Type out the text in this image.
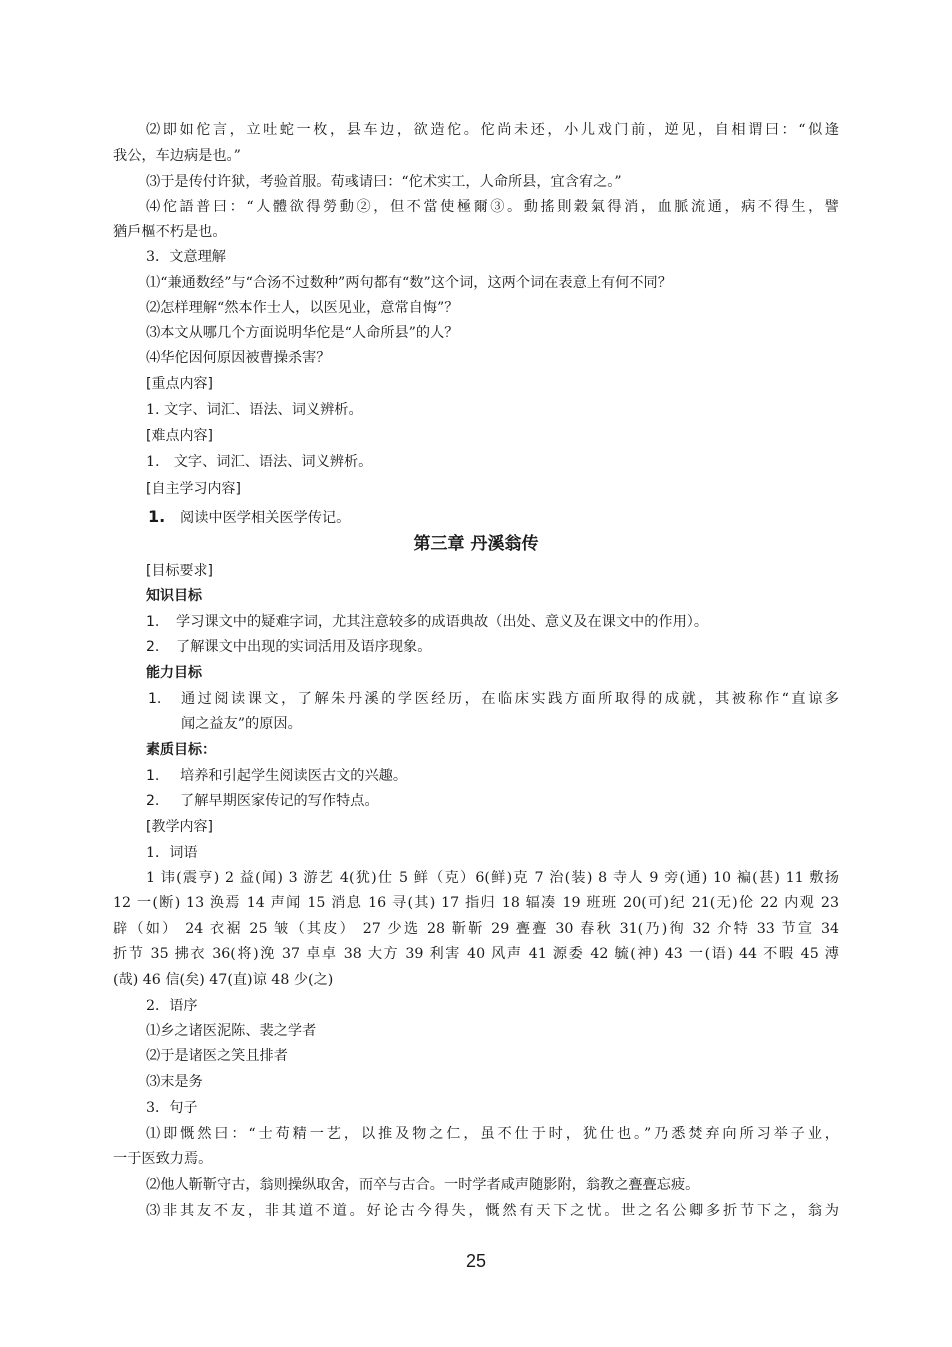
⑵即如佗言，立吐蛇一枚，县车边，欲造佗。佗尚未还，小儿戏门前，逆见，自相谓曰：“似逢
我公，车边病是也。”
⑶于是传付许狱，考验首服。荀彧请曰：“佗术实工，人命所县，宜含宥之。”
⑷佗語普曰：“人體欲得勞動②，但不當使極爾③。動搖則穀氣得消，血脈流通，病不得生，譬
猶戶樞不朽是也。
3．文意理解
⑴“兼通数经”与“合汤不过数种”两句都有“数”这个词，这两个词在表意上有何不同？
⑵怎样理解“然本作士人，以医见业，意常自悔”？
⑶本文从哪几个方面说明华佗是“人命所县”的人？
⑷华佗因何原因被曹操杀害？
[重点内容]
1. 文字、词汇、语法、词义辨析。
[难点内容]
1.　文字、词汇、语法、词义辨析。
[自主学习内容]
1.	阅读中医学相关医学传记。
第三章 丹溪翁传
[目标要求]
知识目标
1.	学习课文中的疑难字词，尤其注意较多的成语典故（出处、意义及在课文中的作用）。
2.	了解课文中出现的实词活用及语序现象。
能力目标
1.	通过阅读课文，了解朱丹溪的学医经历，在临床实践方面所取得的成就，其被称作“直谅多
闻之益友”的原因。
素质目标：
1.	培养和引起学生阅读医古文的兴趣。
2.	了解早期医家传记的写作特点。
[教学内容]
1．词语
1 讳(震亨) 2 益(闻) 3 游艺 4(犹)仕 5 鲜（克）6(鲜)克 7 治(装) 8 寺人 9 旁(通) 10 褊(甚) 11 敷扬
12 一(断) 13 涣焉 14 声闻 15 消息 16 寻(其) 17 指归 18 辐凑 19 班班 20(可)纪 21(无)伦 22 内观 23
辟（如） 24 衣裾 25 皱（其皮） 27 少选 28 靳靳 29 亹亹 30 春秋 31(乃)徇 32 介特 33 节宣 34
折节 35 拂衣 36(将)浼 37 卓卓 38 大方 39 利害 40 风声 41 源委 42 毓(神) 43 一(语) 44 不暇 45 溥
(哉) 46 信(矣) 47(直)谅 48 少(之)
2．语序
⑴乡之诸医泥陈、裴之学者
⑵于是诸医之笑且排者
⑶末是务
3．句子
⑴即慨然曰：“士苟精一艺，以推及物之仁，虽不仕于时，犹仕也。”乃悉焚弃向所习举子业，
一于医致力焉。
⑵他人靳靳守古，翁则操纵取舍，而卒与古合。一时学者咸声随影附，翁教之亹亹忘疲。
⑶非其友不友，非其道不道。好论古今得失，慨然有天下之忧。世之名公卿多折节下之，翁为
25
